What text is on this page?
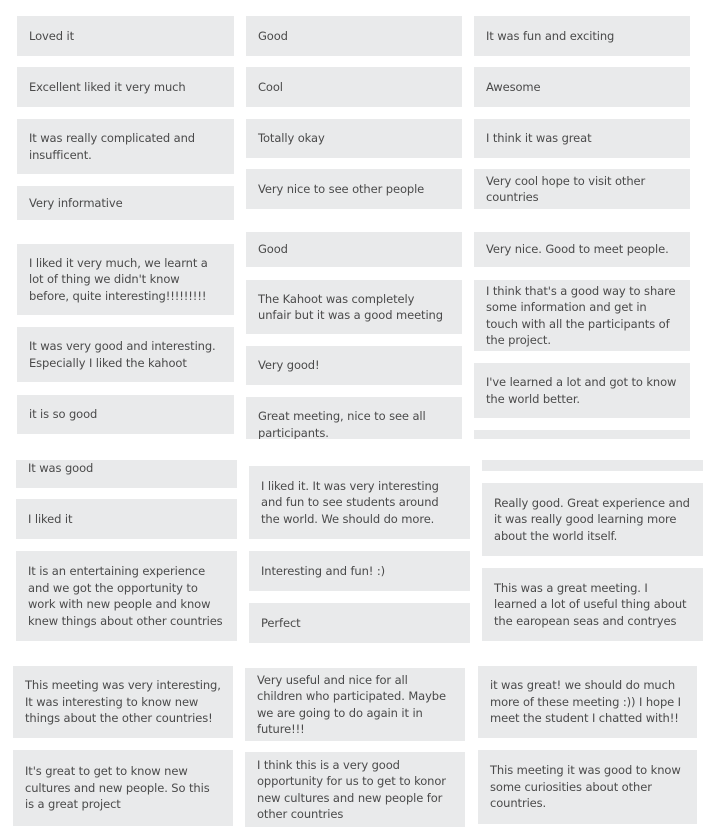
Loved it
Excellent liked it very much
It was really complicated and insufficent.
Very informative
I liked it very much, we learnt a lot of thing we didn't know before, quite interesting!!!!!!!!!
It was very good and interesting. Especially I liked the kahoot
it is so good
Good
Cool
Totally okay
Very nice to see other people
Good
The Kahoot was completely unfair but it was a good meeting
Very good!
Great meeting, nice to see all participants.
It was fun and exciting
Awesome
I think it was great
Very cool hope to visit other countries
Very nice. Good to meet people.
I think that's a good way to share some information and get in touch with all the participants of the project.
I've learned a lot and got to know the world better.
It was good
I liked it
It is an entertaining experience and we got the opportunity to work with new people and know knew things about other countries
I liked it. It was very interesting and fun to see students around the world. We should do more.
Interesting and fun! :)
Perfect
Really good. Great experience and it was really good learning more about the world itself.
This was a great meeting. I learned a lot of useful thing about the earopean seas and contryes
This meeting was very interesting, It was interesting to know new things about the other countries!
It's great to get to know new cultures and new people. So this is a great project
Very useful and nice for all children who participated. Maybe we are going to do again it in future!!!
I think this is a very good opportunity for us to get to konor new cultures and new people for other countries
it was great! we should do much more of these meeting :)) I hope I meet the student I chatted with!!
This meeting it was good to know some curiosities about other countries.
